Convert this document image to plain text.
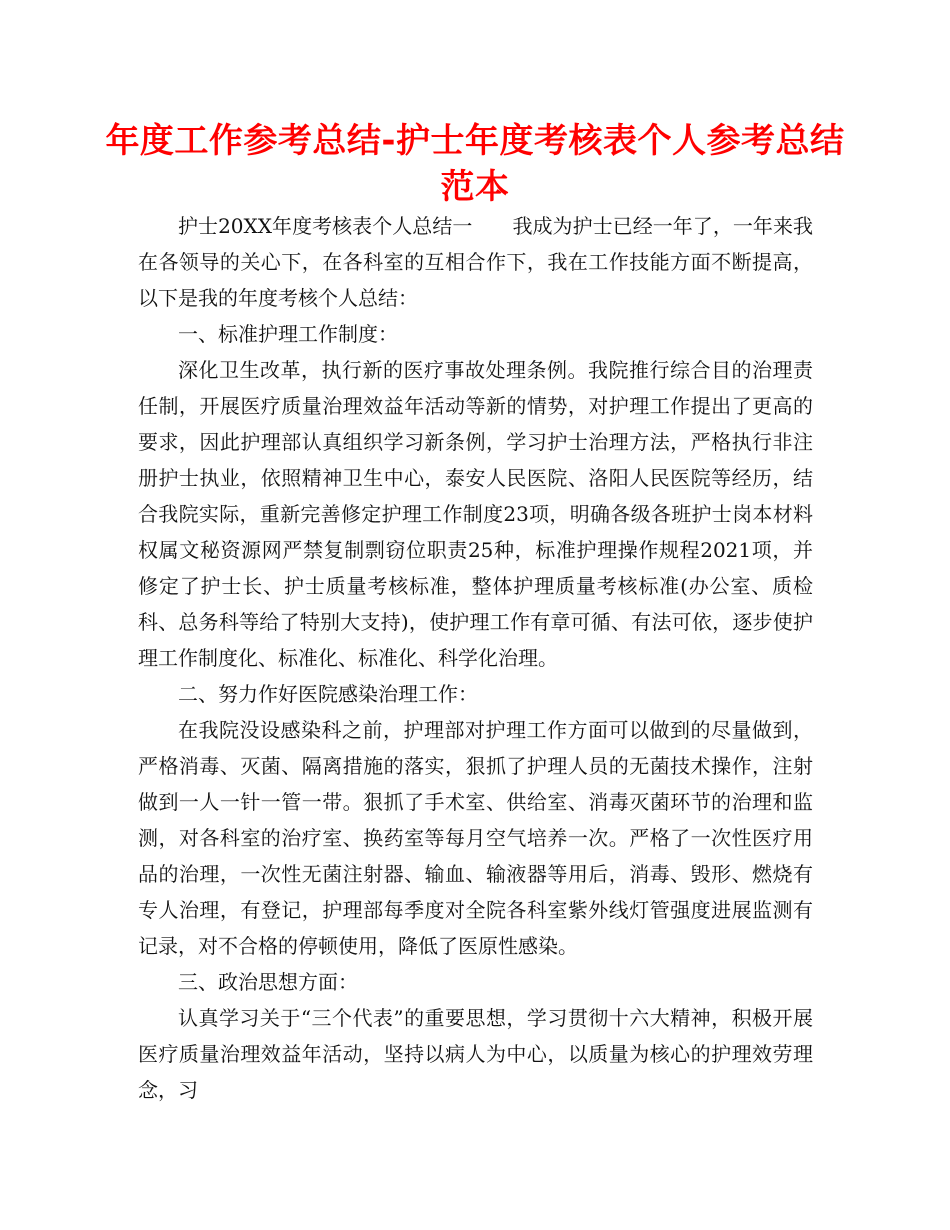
年度工作参考总结-护士年度考核表个人参考总结范本

护士20XX年度考核表个人总结一　　我成为护士已经一年了，一年来我在各领导的关心下，在各科室的互相合作下，我在工作技能方面不断提高，以下是我的年度考核个人总结：

一、标准护理工作制度：

深化卫生改革，执行新的医疗事故处理条例。我院推行综合目的治理责任制，开展医疗质量治理效益年活动等新的情势，对护理工作提出了更高的要求，因此护理部认真组织学习新条例，学习护士治理方法，严格执行非注册护士执业，依照精神卫生中心，泰安人民医院、洛阳人民医院等经历，结合我院实际，重新完善修定护理工作制度23项，明确各级各班护士岗本材料权属文秘资源网严禁复制剽窃位职责25种，标准护理操作规程2021项，并修定了护士长、护士质量考核标准，整体护理质量考核标准(办公室、质检科、总务科等给了特别大支持)，使护理工作有章可循、有法可依，逐步使护理工作制度化、标准化、标准化、科学化治理。

二、努力作好医院感染治理工作：

在我院没设感染科之前，护理部对护理工作方面可以做到的尽量做到，严格消毒、灭菌、隔离措施的落实，狠抓了护理人员的无菌技术操作，注射做到一人一针一管一带。狠抓了手术室、供给室、消毒灭菌环节的治理和监测，对各科室的治疗室、换药室等每月空气培养一次。严格了一次性医疗用品的治理，一次性无菌注射器、输血、输液器等用后，消毒、毁形、燃烧有专人治理，有登记，护理部每季度对全院各科室紫外线灯管强度进展监测有记录，对不合格的停顿使用，降低了医原性感染。

三、政治思想方面：

认真学习关于“三个代表”的重要思想，学习贯彻十六大精神，积极开展医疗质量治理效益年活动，坚持以病人为中心，以质量为核心的护理效劳理念，习
